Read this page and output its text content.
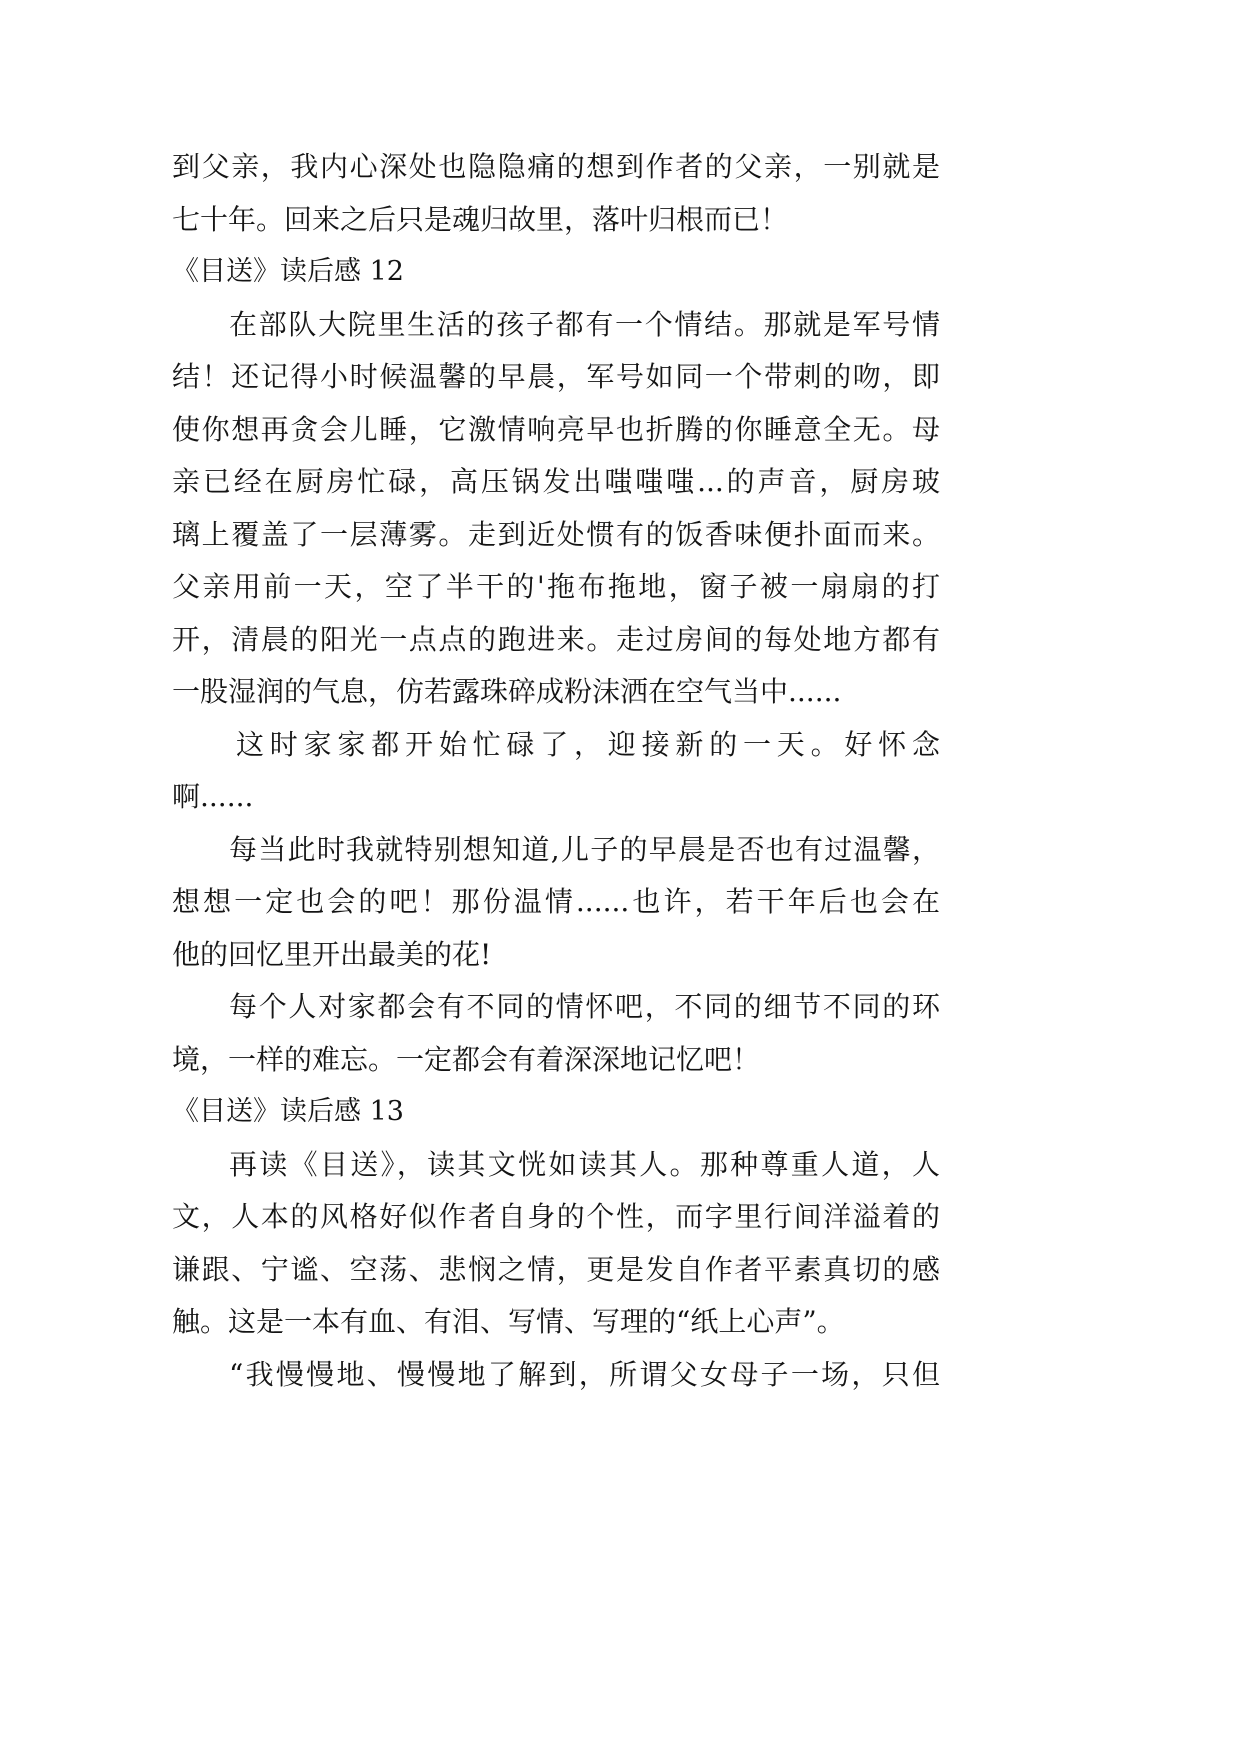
到父亲，我内心深处也隐隐痛的想到作者的父亲，一别就是
七十年。回来之后只是魂归故里，落叶归根而已！
《目送》读后感 12
在部队大院里生活的孩子都有一个情结。那就是军号情
结！还记得小时候温馨的早晨，军号如同一个带刺的吻，即
使你想再贪会儿睡，它激情响亮早也折腾的你睡意全无。母
亲已经在厨房忙碌，高压锅发出嗤嗤嗤...的声音，厨房玻
璃上覆盖了一层薄雾。走到近处惯有的饭香味便扑面而来。
父亲用前一天，空了半干的'拖布拖地，窗子被一扇扇的打
开，清晨的阳光一点点的跑进来。走过房间的每处地方都有
一股湿润的气息，仿若露珠碎成粉沫洒在空气当中......
这时家家都开始忙碌了，迎接新的一天。好怀念
啊......
每当此时我就特别想知道,儿子的早晨是否也有过温馨，
想想一定也会的吧！那份温情......也许，若干年后也会在
他的回忆里开出最美的花!
每个人对家都会有不同的情怀吧，不同的细节不同的环
境，一样的难忘。一定都会有着深深地记忆吧！
《目送》读后感 13
再读《目送》，读其文恍如读其人。那种尊重人道，人
文，人本的风格好似作者自身的个性，而字里行间洋溢着的
谦跟、宁谧、空荡、悲悯之情，更是发自作者平素真切的感
触。这是一本有血、有泪、写情、写理的“纸上心声”。
“我慢慢地、慢慢地了解到，所谓父女母子一场，只但
